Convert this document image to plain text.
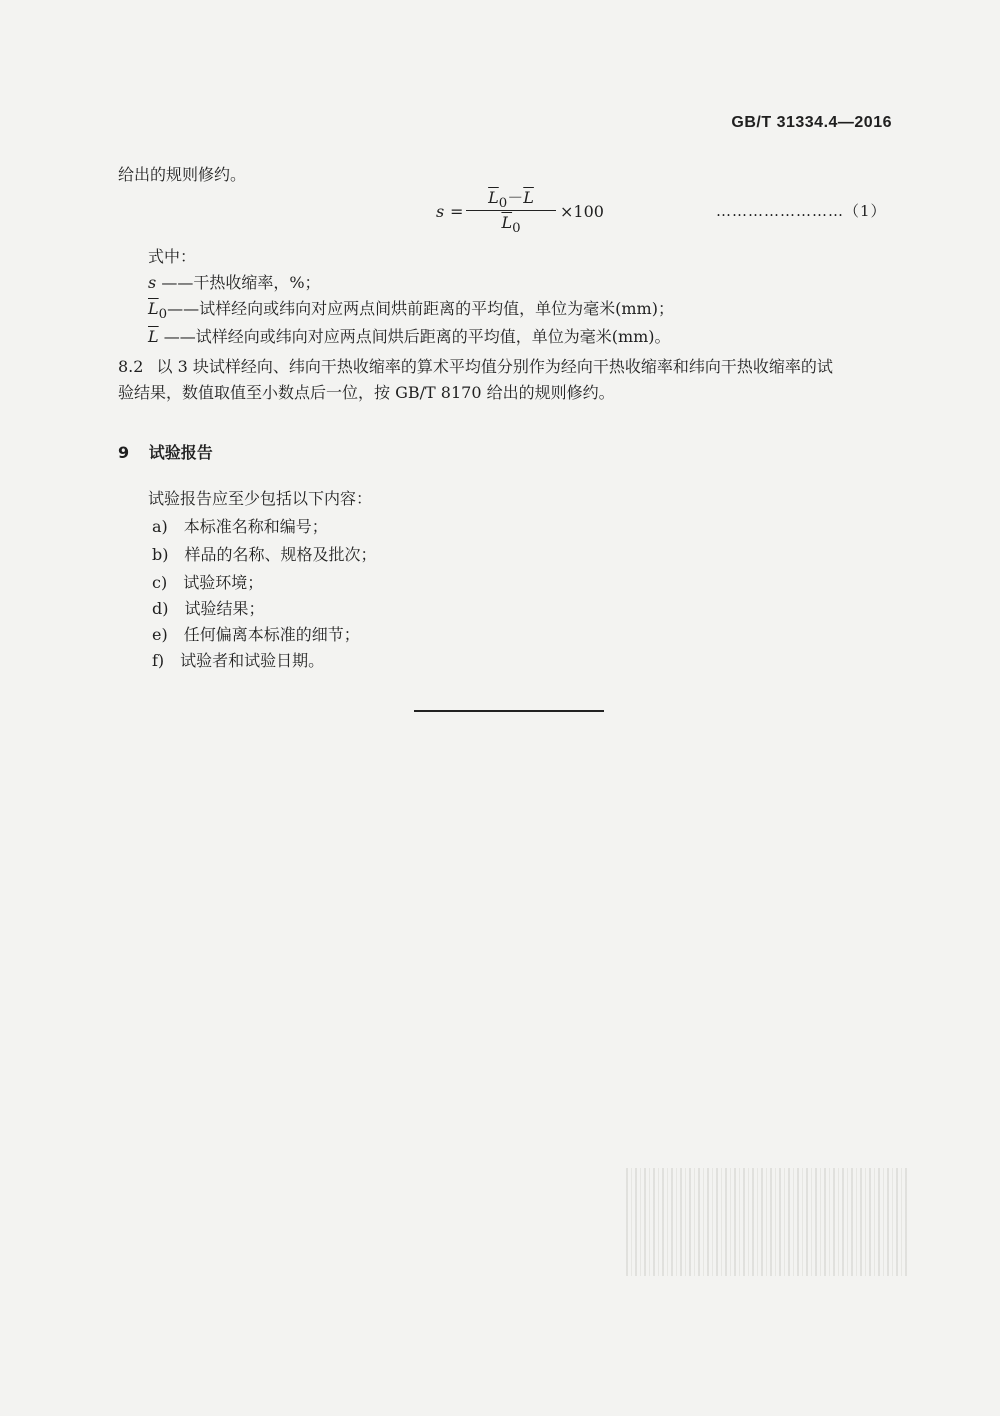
GB/T 31334.4—2016
给出的规则修约。
s =
$\overline{L}_0-\overline{L}$
$\overline{L}_0$
×100	……………………（1）
式中：
s ——干热收缩率，%；
$\overline{L}_0——$试样经向或纬向对应两点间烘前距离的平均值，单位为毫米(mm)；
$\overline{L}$ ——试样经向或纬向对应两点间烘后距离的平均值，单位为毫米(mm)。
8.2 以 3 块试样经向、纬向干热收缩率的算术平均值分别作为经向干热收缩率和纬向干热收缩率的试
验结果，数值取值至小数点后一位，按 GB/T 8170 给出的规则修约。
9 试验报告
试验报告应至少包括以下内容：
a) 本标准名称和编号；
b) 样品的名称、规格及批次；
c) 试验环境；
d) 试验结果；
e) 任何偏离本标准的细节；
f) 试验者和试验日期。
